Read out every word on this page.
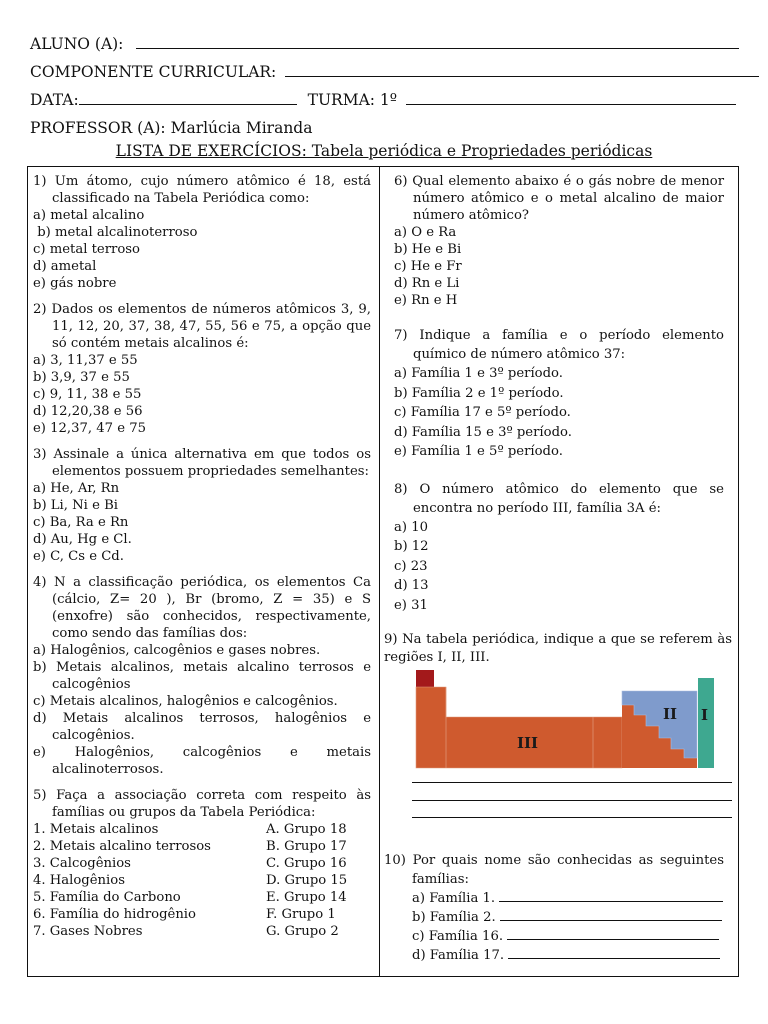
ALUNO (A):
COMPONENTE CURRICULAR:
DATA:	TURMA: 1º
PROFESSOR (A): Marlúcia Miranda
LISTA DE EXERCÍCIOS: Tabela periódica e Propriedades periódicas

1) Um átomo, cujo número atômico é 18, está classificado na Tabela Periódica como:

a) metal alcalino

b) metal alcalinoterroso

c) metal terroso

d) ametal

e) gás nobre

2) Dados os elementos de números atômicos 3, 9, 11, 12, 20, 37, 38, 47, 55, 56 e 75, a opção que só contém metais alcalinos é:

a) 3, 11,37 e 55

b) 3,9, 37 e 55

c) 9, 11, 38 e 55

d) 12,20,38 e 56

e) 12,37, 47 e 75

3) Assinale a única alternativa em que todos os elementos possuem propriedades semelhantes:

a) He, Ar, Rn

b) Li, Ni e Bi

c) Ba, Ra e Rn

d) Au, Hg e Cl.

e) C, Cs e Cd.

4) N a classificação periódica, os elementos Ca (cálcio, Z= 20 ), Br (bromo, Z = 35) e S (enxofre) são conhecidos, respectivamente, como sendo das famílias dos:

a) Halogênios, calcogênios e gases nobres.

b) Metais alcalinos, metais alcalino terrosos e calcogênios

c) Metais alcalinos, halogênios e calcogênios.

d) Metais alcalinos terrosos, halogênios e calcogênios.

e) Halogênios, calcogênios e metais alcalinoterrosos.

5) Faça a associação correta com respeito às famílias ou grupos da Tabela Periódica:

1. Metais alcalinos	A. Grupo 18
2. Metais alcalino terrosos	B. Grupo 17
3. Calcogênios	C. Grupo 16
4. Halogênios	D. Grupo 15
5. Família do Carbono	E. Grupo 14
6. Família do hidrogênio	F. Grupo 1
7. Gases Nobres	G. Grupo 2

6) Qual elemento abaixo é o gás nobre de menor número atômico e o metal alcalino de maior número atômico?

a) O e Ra

b) He e Bi

c) He e Fr

d) Rn e Li

e) Rn e H

7) Indique a família e o período elemento químico de número atômico 37:

a) Família 1 e 3º período.

b) Família 2 e 1º período.

c) Família 17 e 5º período.

d) Família 15 e 3º período.

e) Família 1 e 5º período.

8) O número atômico do elemento que se encontra no período III, família 3A é:

a) 10

b) 12

c) 23

d) 13

e) 31

9) Na tabela periódica, indique a que se referem às regiões I, II, III.

III
II I

10) Por quais nome são conhecidas as seguintes famílias:

a) Família 1.
b) Família 2.
c) Família 16.
d) Família 17.
